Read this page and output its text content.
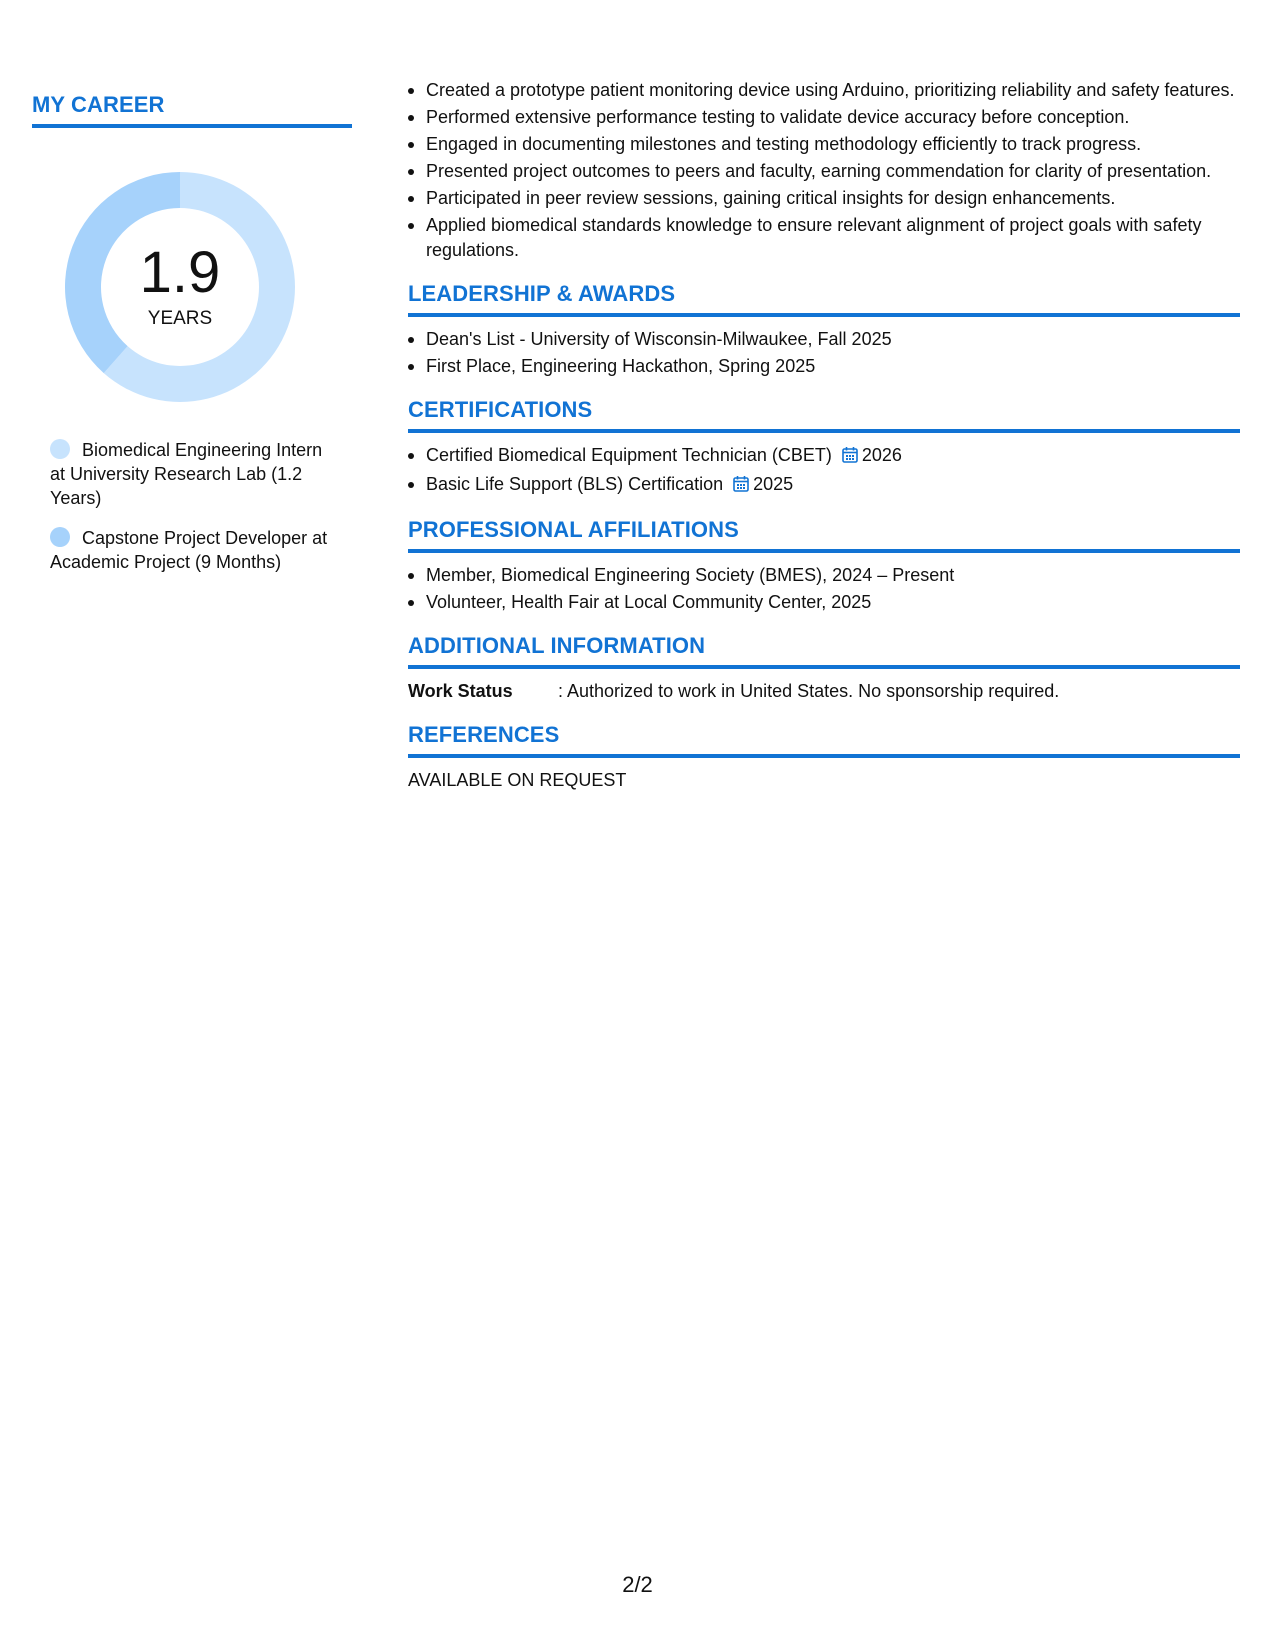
MY CAREER
1.9
YEARS
Biomedical Engineering Intern at University Research Lab (1.2 Years)
Capstone Project Developer at Academic Project (9 Months)
Created a prototype patient monitoring device using Arduino, prioritizing reliability and safety features.
Performed extensive performance testing to validate device accuracy before conception.
Engaged in documenting milestones and testing methodology efficiently to track progress.
Presented project outcomes to peers and faculty, earning commendation for clarity of presentation.
Participated in peer review sessions, gaining critical insights for design enhancements.
Applied biomedical standards knowledge to ensure relevant alignment of project goals with safety regulations.
LEADERSHIP & AWARDS
Dean's List - University of Wisconsin-Milwaukee, Fall 2025
First Place, Engineering Hackathon, Spring 2025
CERTIFICATIONS
Certified Biomedical Equipment Technician (CBET) 2026
Basic Life Support (BLS) Certification 2025
PROFESSIONAL AFFILIATIONS
Member, Biomedical Engineering Society (BMES), 2024 – Present
Volunteer, Health Fair at Local Community Center, 2025
ADDITIONAL INFORMATION
Work Status	: Authorized to work in United States. No sponsorship required.
REFERENCES
AVAILABLE ON REQUEST
2/2
